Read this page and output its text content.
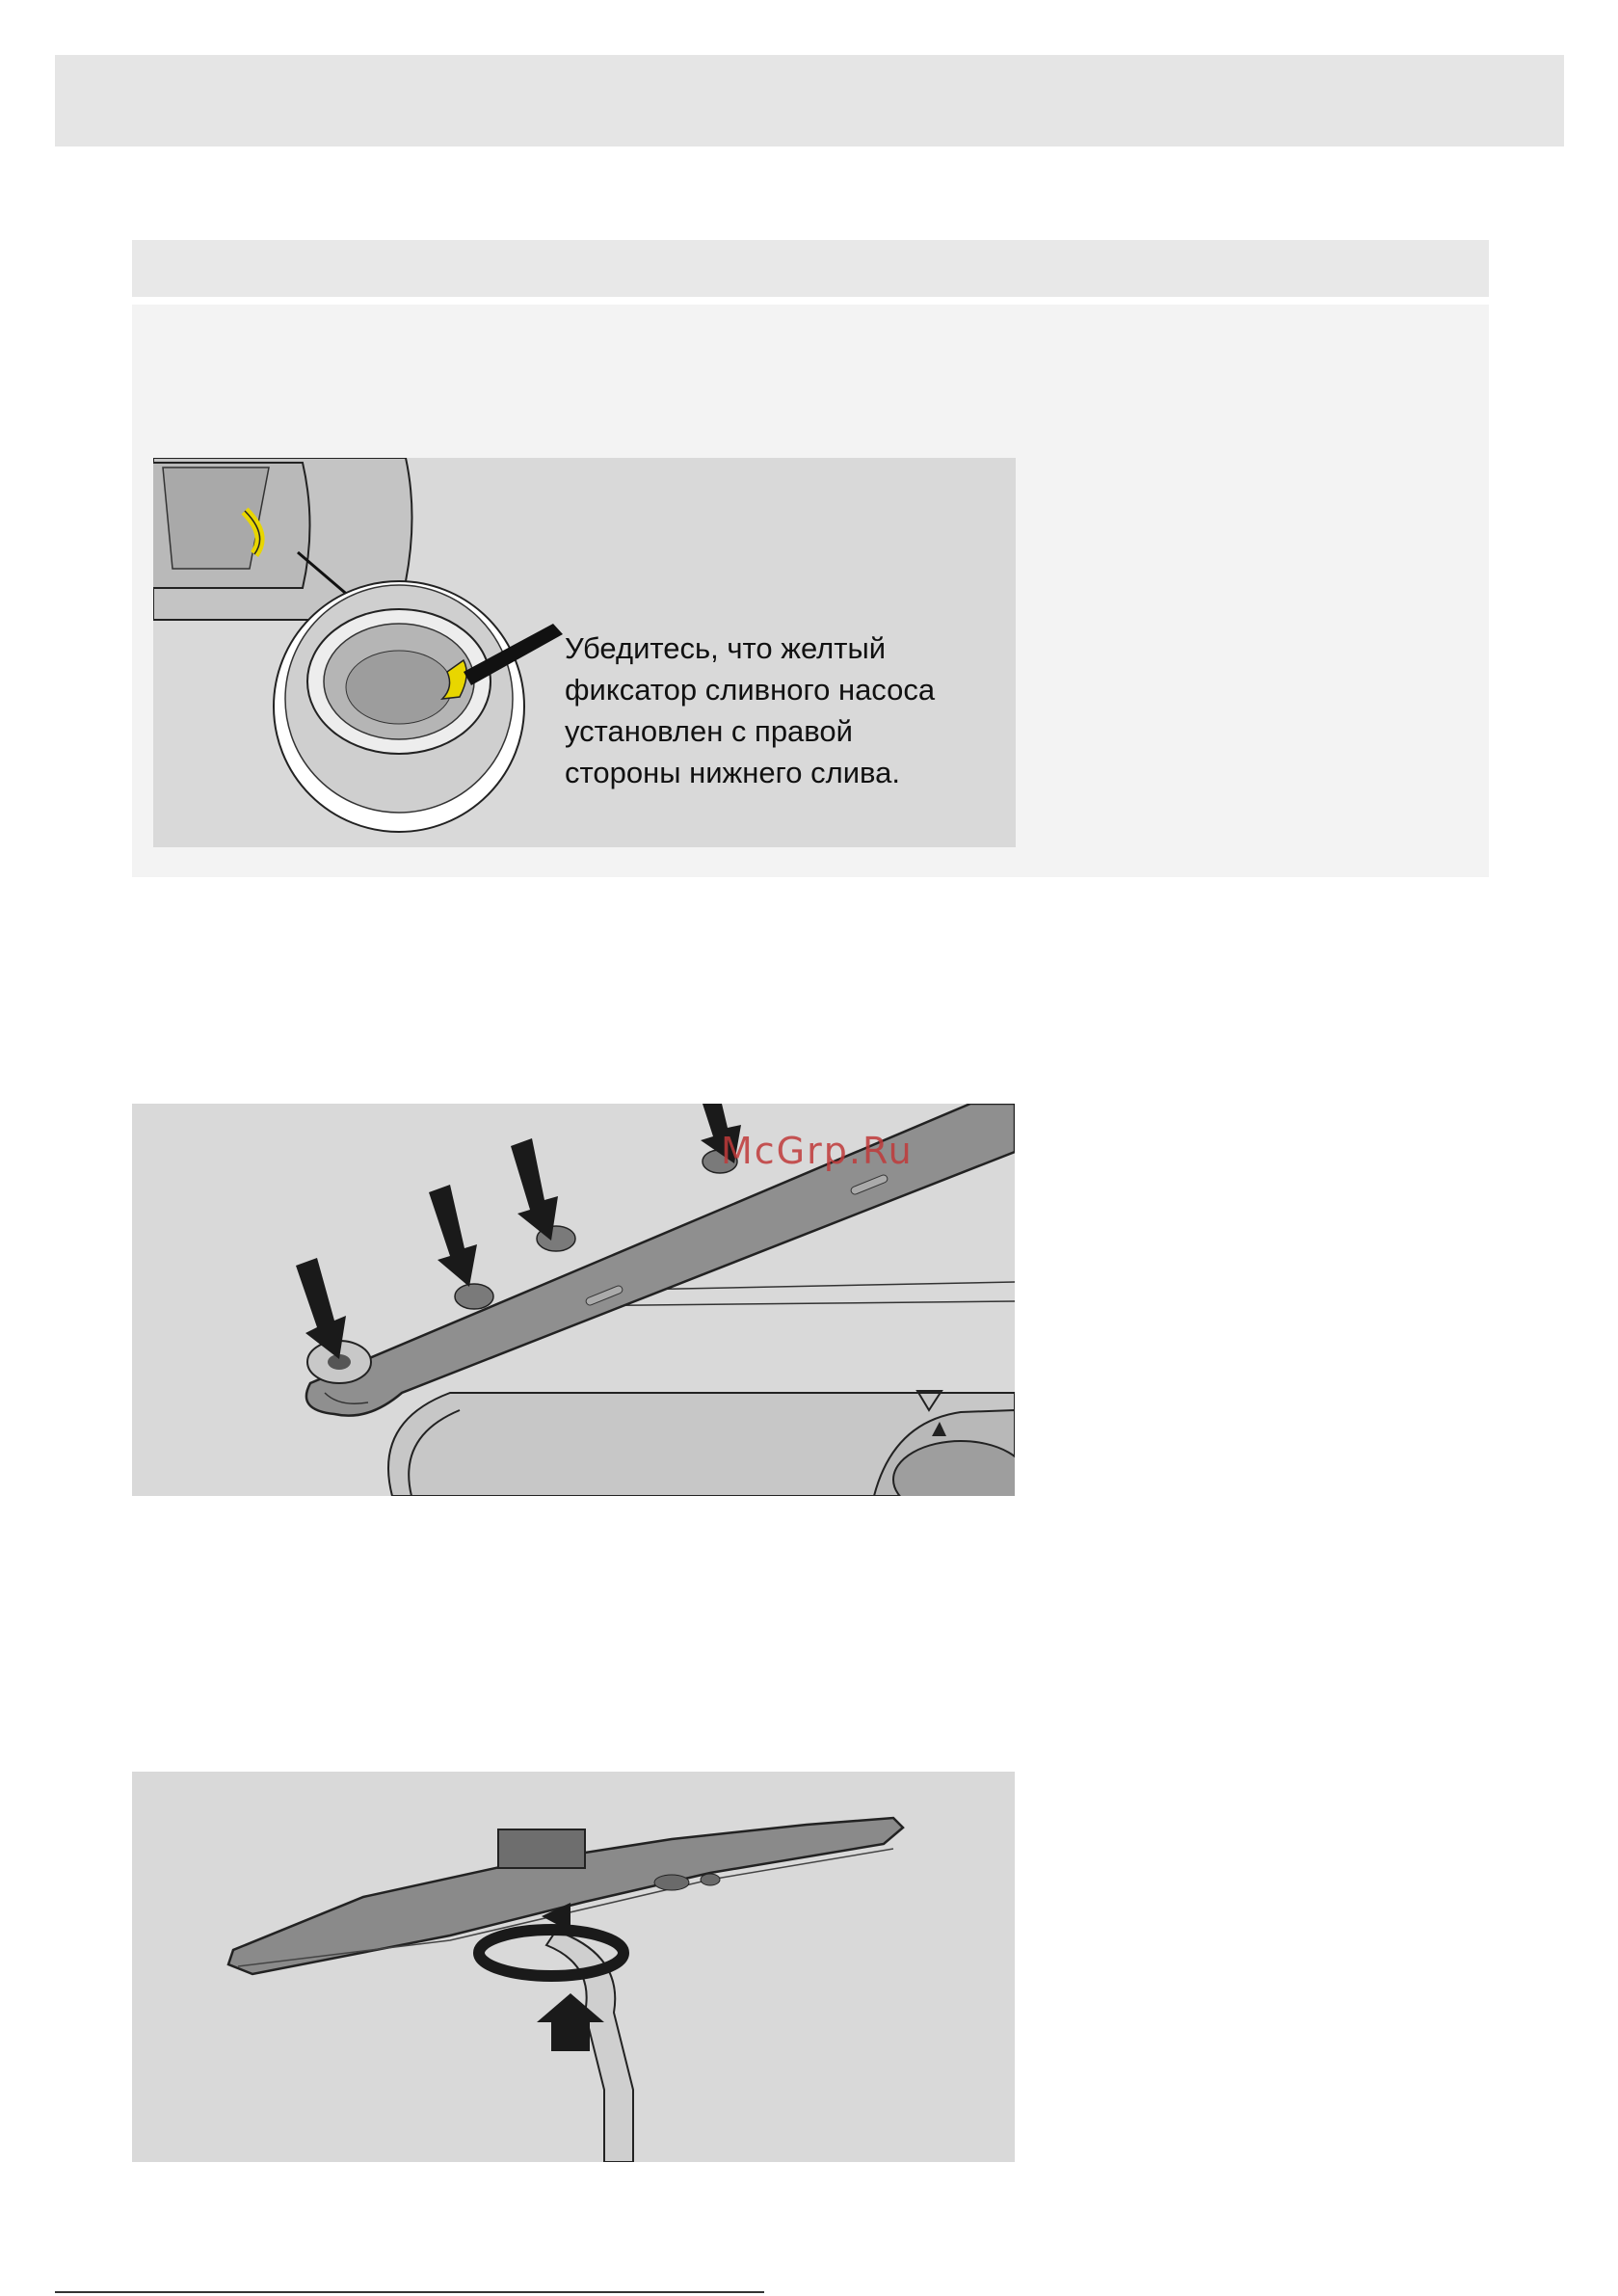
Убедитесь, что желтый
фиксатор сливного насоса
установлен с правой
стороны нижнего слива.
McGrp.Ru
